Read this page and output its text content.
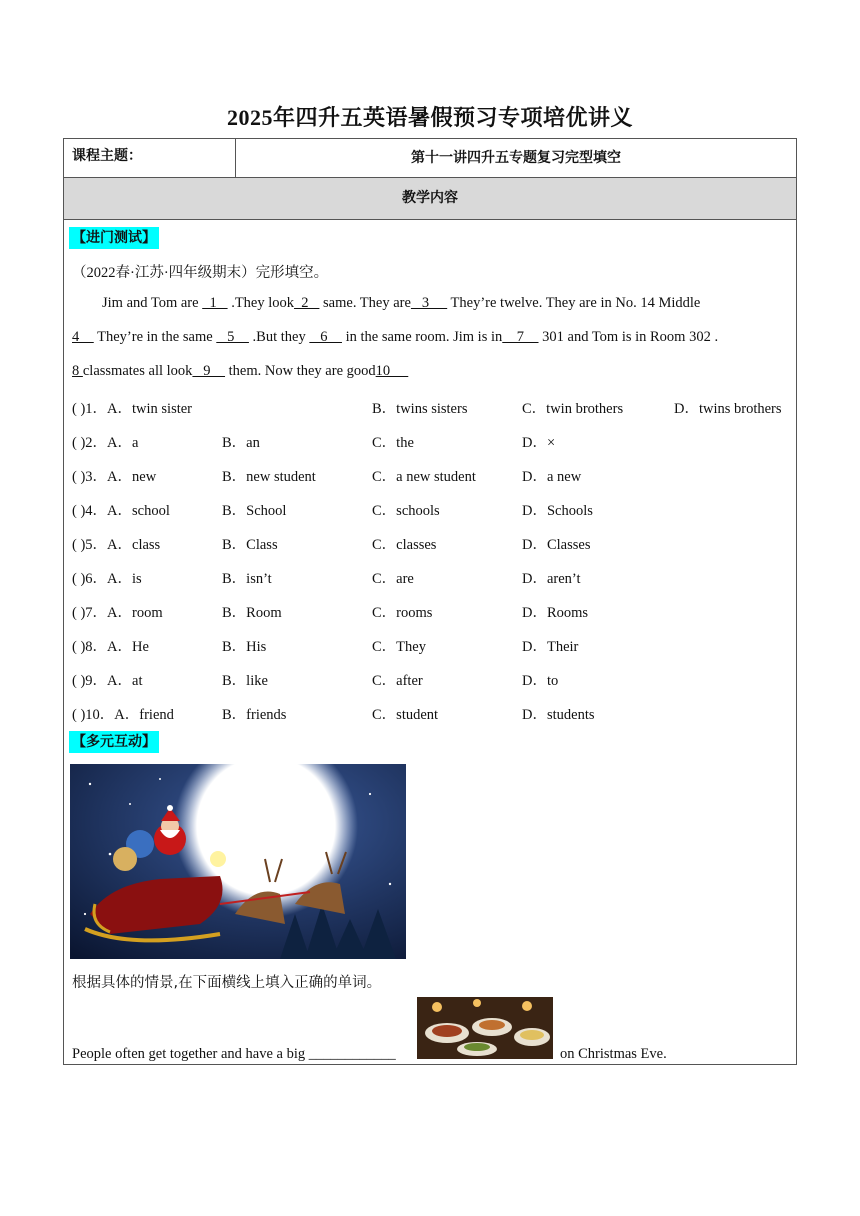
2025年四升五英语暑假预习专项培优讲义
课程主题：	第十一讲四升五专题复习完型填空
教学内容
【进门测试】
（2022春·江苏·四年级期末）完形填空。
Jim and Tom are   1    .They look  2    same. They are   3      They’re twelve. They are in No. 14 Middle
4     They’re in the same    5     .But they    6     in the same room. Jim is in    7     301 and Tom is in Room 302 .
8 classmates all look   9     them. Now they are good10
( )1．A．twin sister	B．twins sisters	C．twin brothers	D．twins brothers
( )2．A．a	B．an	C．the	D．×
( )3．A．new	B．new student	C．a new student	D．a new
( )4．A．school	B．School	C．schools	D．Schools
( )5．A．class	B．Class	C．classes	D．Classes
( )6．A．is	B．isn’t	C．are	D．aren’t
( )7．A．room	B．Room	C．rooms	D．Rooms
( )8．A．He	B．His	C．They	D．Their
( )9．A．at	B．like	C．after	D．to
( )10．A．friend	B．friends	C．student	D．students
【多元互动】
根据具体的情景,在下面横线上填入正确的单词。
People often get together and have a big ____________	on Christmas Eve.
